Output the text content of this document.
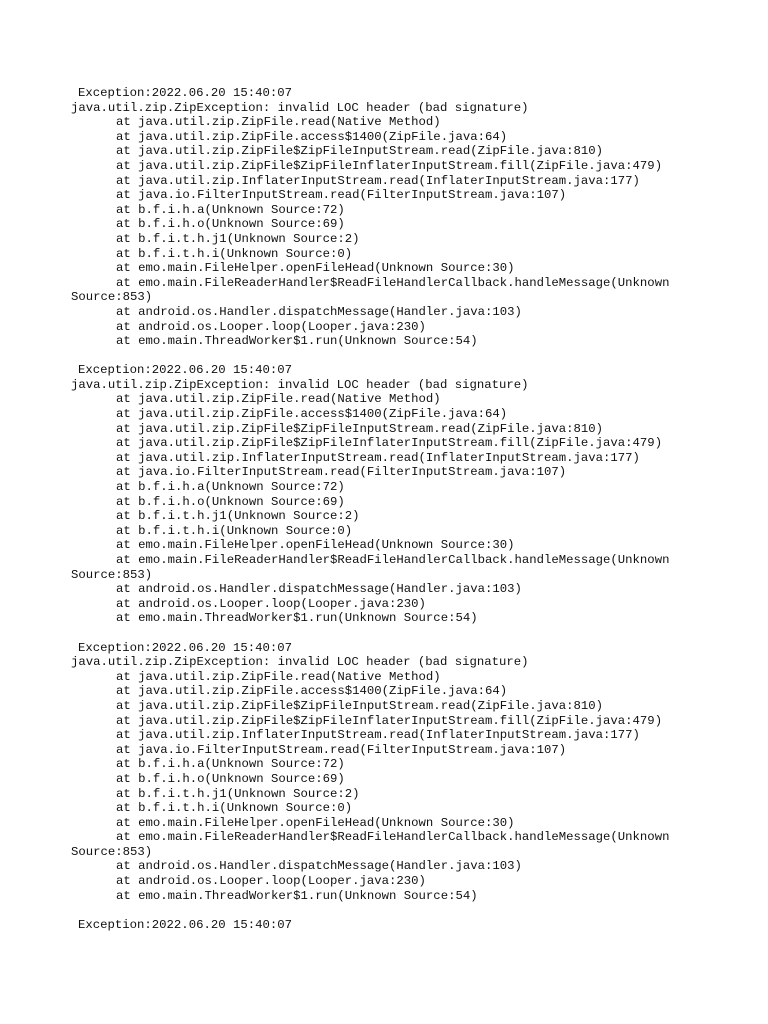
Exception:2022.06.20 15:40:07
java.util.zip.ZipException: invalid LOC header (bad signature)
at java.util.zip.ZipFile.read(Native Method)
at java.util.zip.ZipFile.access$1400(ZipFile.java:64)
at java.util.zip.ZipFile$ZipFileInputStream.read(ZipFile.java:810)
at java.util.zip.ZipFile$ZipFileInflaterInputStream.fill(ZipFile.java:479)
at java.util.zip.InflaterInputStream.read(InflaterInputStream.java:177)
at java.io.FilterInputStream.read(FilterInputStream.java:107)
at b.f.i.h.a(Unknown Source:72)
at b.f.i.h.o(Unknown Source:69)
at b.f.i.t.h.j1(Unknown Source:2)
at b.f.i.t.h.i(Unknown Source:0)
at emo.main.FileHelper.openFileHead(Unknown Source:30)
at emo.main.FileReaderHandler$ReadFileHandlerCallback.handleMessage(Unknown
Source:853)
at android.os.Handler.dispatchMessage(Handler.java:103)
at android.os.Looper.loop(Looper.java:230)
at emo.main.ThreadWorker$1.run(Unknown Source:54)
Exception:2022.06.20 15:40:07
java.util.zip.ZipException: invalid LOC header (bad signature)
at java.util.zip.ZipFile.read(Native Method)
at java.util.zip.ZipFile.access$1400(ZipFile.java:64)
at java.util.zip.ZipFile$ZipFileInputStream.read(ZipFile.java:810)
at java.util.zip.ZipFile$ZipFileInflaterInputStream.fill(ZipFile.java:479)
at java.util.zip.InflaterInputStream.read(InflaterInputStream.java:177)
at java.io.FilterInputStream.read(FilterInputStream.java:107)
at b.f.i.h.a(Unknown Source:72)
at b.f.i.h.o(Unknown Source:69)
at b.f.i.t.h.j1(Unknown Source:2)
at b.f.i.t.h.i(Unknown Source:0)
at emo.main.FileHelper.openFileHead(Unknown Source:30)
at emo.main.FileReaderHandler$ReadFileHandlerCallback.handleMessage(Unknown
Source:853)
at android.os.Handler.dispatchMessage(Handler.java:103)
at android.os.Looper.loop(Looper.java:230)
at emo.main.ThreadWorker$1.run(Unknown Source:54)
Exception:2022.06.20 15:40:07
java.util.zip.ZipException: invalid LOC header (bad signature)
at java.util.zip.ZipFile.read(Native Method)
at java.util.zip.ZipFile.access$1400(ZipFile.java:64)
at java.util.zip.ZipFile$ZipFileInputStream.read(ZipFile.java:810)
at java.util.zip.ZipFile$ZipFileInflaterInputStream.fill(ZipFile.java:479)
at java.util.zip.InflaterInputStream.read(InflaterInputStream.java:177)
at java.io.FilterInputStream.read(FilterInputStream.java:107)
at b.f.i.h.a(Unknown Source:72)
at b.f.i.h.o(Unknown Source:69)
at b.f.i.t.h.j1(Unknown Source:2)
at b.f.i.t.h.i(Unknown Source:0)
at emo.main.FileHelper.openFileHead(Unknown Source:30)
at emo.main.FileReaderHandler$ReadFileHandlerCallback.handleMessage(Unknown
Source:853)
at android.os.Handler.dispatchMessage(Handler.java:103)
at android.os.Looper.loop(Looper.java:230)
at emo.main.ThreadWorker$1.run(Unknown Source:54)
Exception:2022.06.20 15:40:07
